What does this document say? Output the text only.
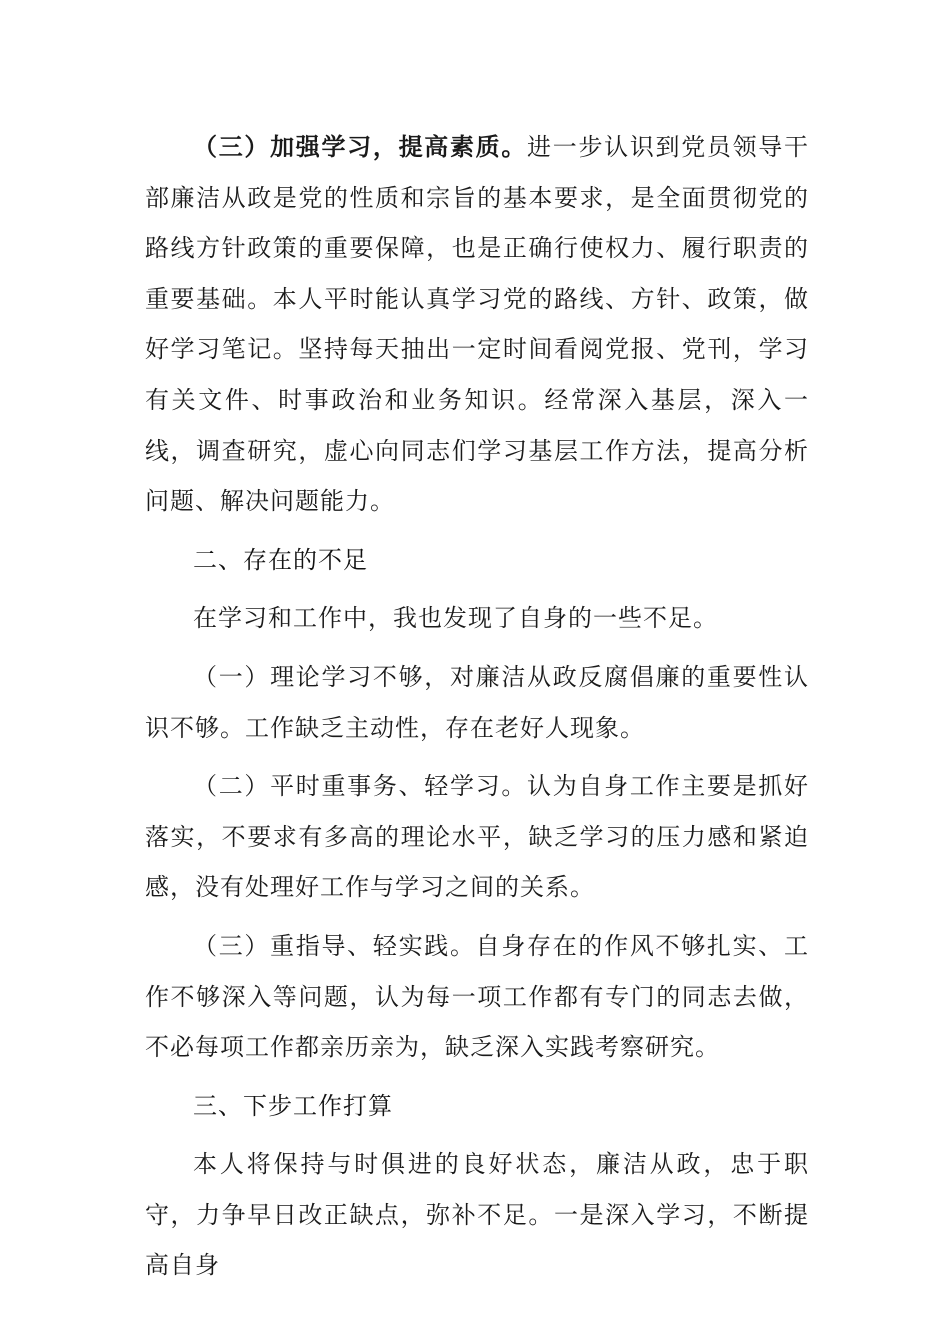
（三）加强学习，提高素质。进一步认识到党员领导干部廉洁从政是党的性质和宗旨的基本要求，是全面贯彻党的路线方针政策的重要保障，也是正确行使权力、履行职责的重要基础。本人平时能认真学习党的路线、方针、政策，做好学习笔记。坚持每天抽出一定时间看阅党报、党刊，学习有关文件、时事政治和业务知识。经常深入基层，深入一线，调查研究，虚心向同志们学习基层工作方法，提高分析问题、解决问题能力。

二、存在的不足

在学习和工作中，我也发现了自身的一些不足。

（一）理论学习不够，对廉洁从政反腐倡廉的重要性认识不够。工作缺乏主动性，存在老好人现象。

（二）平时重事务、轻学习。认为自身工作主要是抓好落实，不要求有多高的理论水平，缺乏学习的压力感和紧迫感，没有处理好工作与学习之间的关系。

（三）重指导、轻实践。自身存在的作风不够扎实、工作不够深入等问题，认为每一项工作都有专门的同志去做，不必每项工作都亲历亲为，缺乏深入实践考察研究。

三、下步工作打算

本人将保持与时俱进的良好状态，廉洁从政，忠于职守，力争早日改正缺点，弥补不足。一是深入学习，不断提高自身
